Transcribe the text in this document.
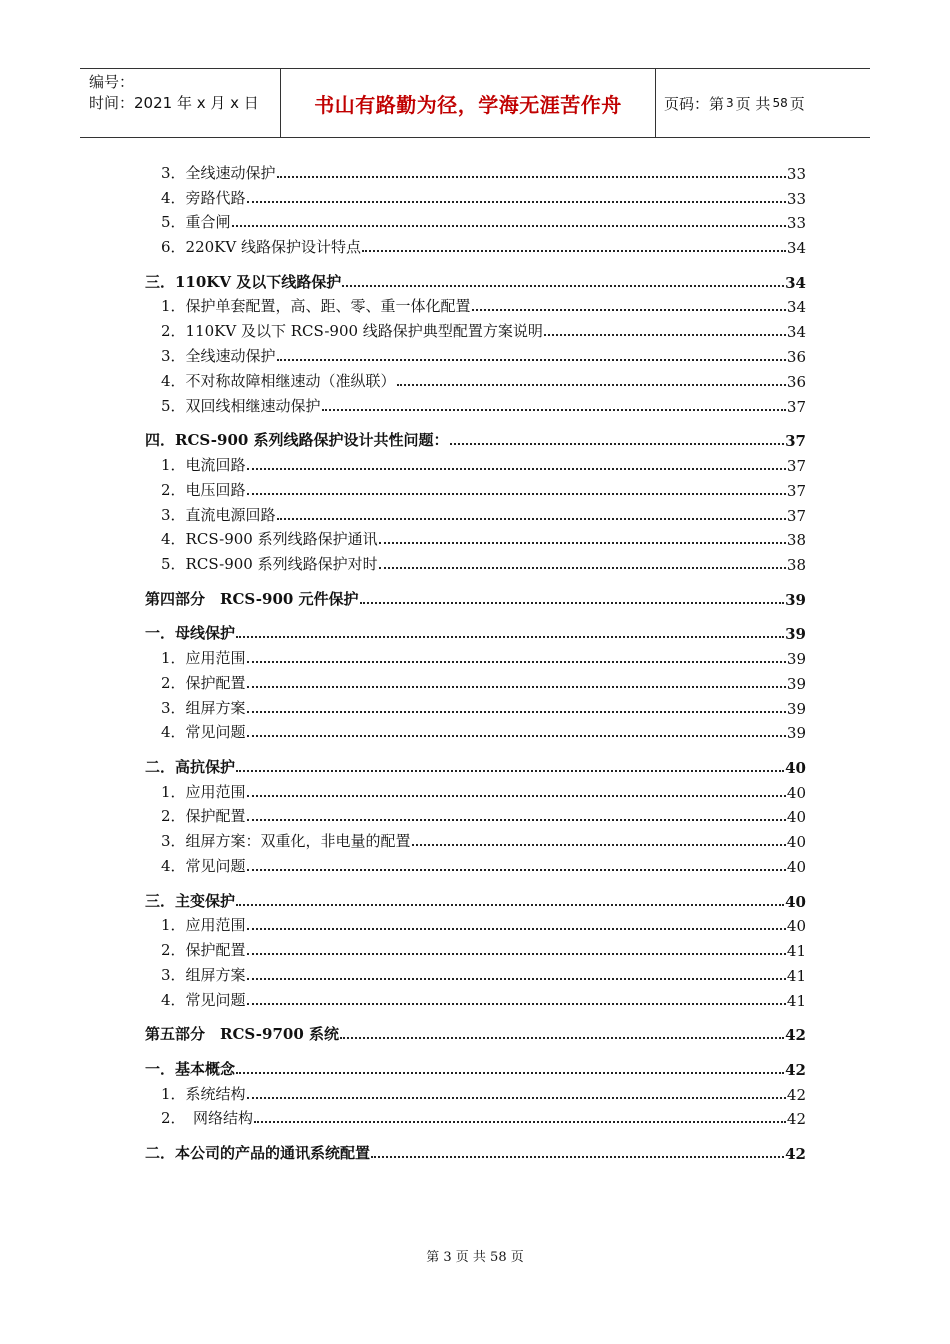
编号：
时间：2021 年 x 月 x 日	书山有路勤为径，学海无涯苦作舟	页码：第 3 页 共 58 页
3．全线速动保护	33
4．旁路代路	33
5．重合闸	33
6．220KV 线路保护设计特点	34
三．110KV 及以下线路保护	34
1．保护单套配置，高、距、零、重一体化配置	34
2．110KV 及以下 RCS-900 线路保护典型配置方案说明	34
3．全线速动保护	36
4．不对称故障相继速动（准纵联）	36
5．双回线相继速动保护	37
四．RCS-900 系列线路保护设计共性问题：	37
1．电流回路	37
2．电压回路	37
3．直流电源回路	37
4．RCS-900 系列线路保护通讯	38
5．RCS-900 系列线路保护对时	38
第四部分　RCS-900 元件保护	39
一．母线保护	39
1．应用范围	39
2．保护配置	39
3．组屏方案	39
4．常见问题	39
二．高抗保护	40
1．应用范围	40
2．保护配置	40
3．组屏方案：双重化，非电量的配置	40
4．常见问题	40
三．主变保护	40
1．应用范围	40
2．保护配置	41
3．组屏方案	41
4．常见问题	41
第五部分　RCS-9700 系统	42
一．基本概念	42
1．系统结构	42
2．　网络结构	42
二．本公司的产品的通讯系统配置	42
第 3 页 共 58 页
